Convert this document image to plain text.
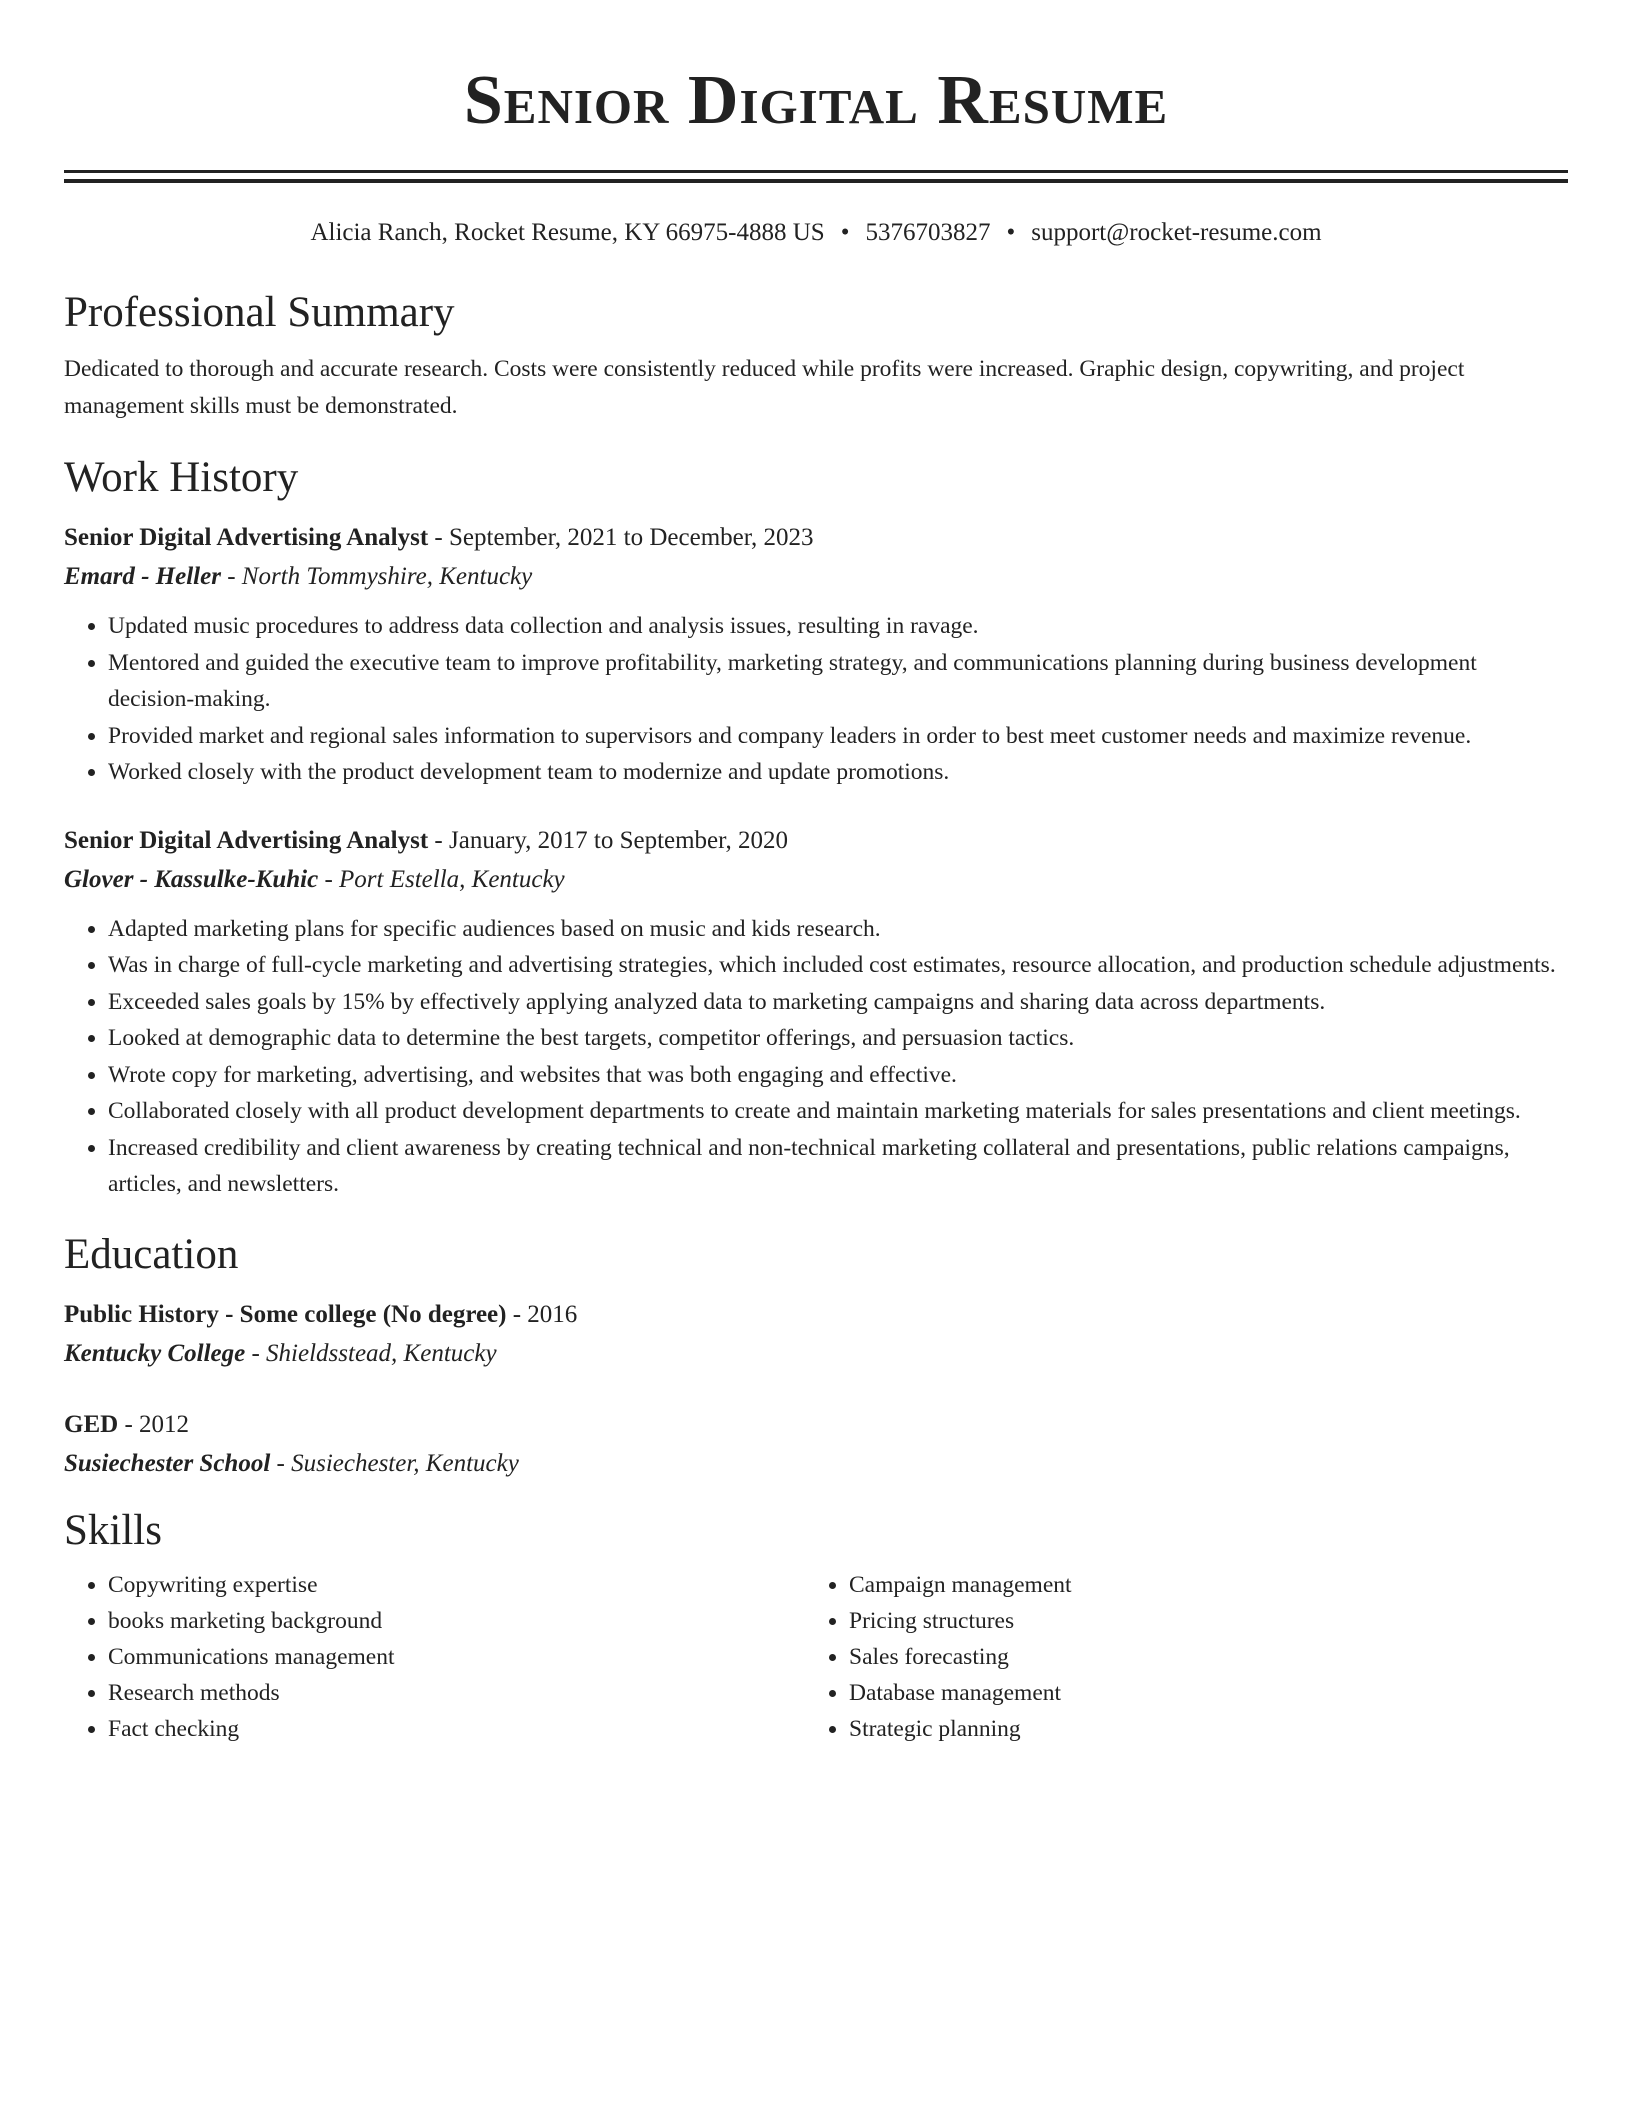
Senior Digital Resume
Alicia Ranch, Rocket Resume, KY 66975-4888 US • 5376703827 • support@rocket-resume.com
Professional Summary

Dedicated to thorough and accurate research. Costs were consistently reduced while profits were increased. Graphic design, copywriting, and project management skills must be demonstrated.

Work History
Senior Digital Advertising Analyst - September, 2021 to December, 2023
Emard - Heller - North Tommyshire, Kentucky
• Updated music procedures to address data collection and analysis issues, resulting in ravage.
• Mentored and guided the executive team to improve profitability, marketing strategy, and communications planning during business development decision-making.
• Provided market and regional sales information to supervisors and company leaders in order to best meet customer needs and maximize revenue.
• Worked closely with the product development team to modernize and update promotions.
Senior Digital Advertising Analyst - January, 2017 to September, 2020
Glover - Kassulke-Kuhic - Port Estella, Kentucky
• Adapted marketing plans for specific audiences based on music and kids research.
• Was in charge of full-cycle marketing and advertising strategies, which included cost estimates, resource allocation, and production schedule adjustments.
• Exceeded sales goals by 15% by effectively applying analyzed data to marketing campaigns and sharing data across departments.
• Looked at demographic data to determine the best targets, competitor offerings, and persuasion tactics.
• Wrote copy for marketing, advertising, and websites that was both engaging and effective.
• Collaborated closely with all product development departments to create and maintain marketing materials for sales presentations and client meetings.
• Increased credibility and client awareness by creating technical and non-technical marketing collateral and presentations, public relations campaigns, articles, and newsletters.
Education
Public History - Some college (No degree) - 2016
Kentucky College - Shieldsstead, Kentucky
GED - 2012
Susiechester School - Susiechester, Kentucky
Skills
• Copywriting expertise
• books marketing background
• Communications management
• Research methods
• Fact checking
• Campaign management
• Pricing structures
• Sales forecasting
• Database management
• Strategic planning
